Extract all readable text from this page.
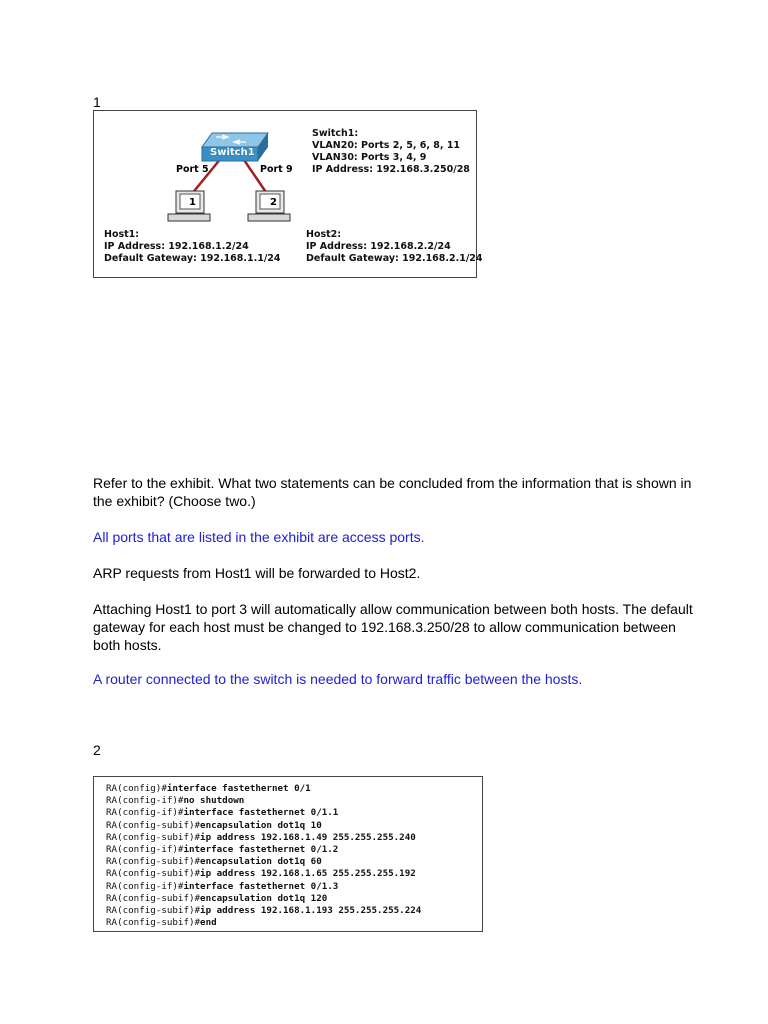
1
Switch1
Port 5	Port 9
1	2
Switch1:
VLAN20: Ports 2, 5, 6, 8, 11
VLAN30: Ports 3, 4, 9
IP Address: 192.168.3.250/28
Host1:
IP Address: 192.168.1.2/24
Default Gateway: 192.168.1.1/24
Host2:
IP Address: 192.168.2.2/24
Default Gateway: 192.168.2.1/24
Refer to the exhibit. What two statements can be concluded from the information that is shown in the exhibit? (Choose two.)
All ports that are listed in the exhibit are access ports.
ARP requests from Host1 will be forwarded to Host2.
Attaching Host1 to port 3 will automatically allow communication between both hosts. The default gateway for each host must be changed to 192.168.3.250/28 to allow communication between both hosts.
A router connected to the switch is needed to forward traffic between the hosts.
2
RA(config)#interface fastethernet 0/1
RA(config-if)#no shutdown
RA(config-if)#interface fastethernet 0/1.1
RA(config-subif)#encapsulation dot1q 10
RA(config-subif)#ip address 192.168.1.49 255.255.255.240
RA(config-if)#interface fastethernet 0/1.2
RA(config-subif)#encapsulation dot1q 60
RA(config-subif)#ip address 192.168.1.65 255.255.255.192
RA(config-if)#interface fastethernet 0/1.3
RA(config-subif)#encapsulation dot1q 120
RA(config-subif)#ip address 192.168.1.193 255.255.255.224
RA(config-subif)#end
